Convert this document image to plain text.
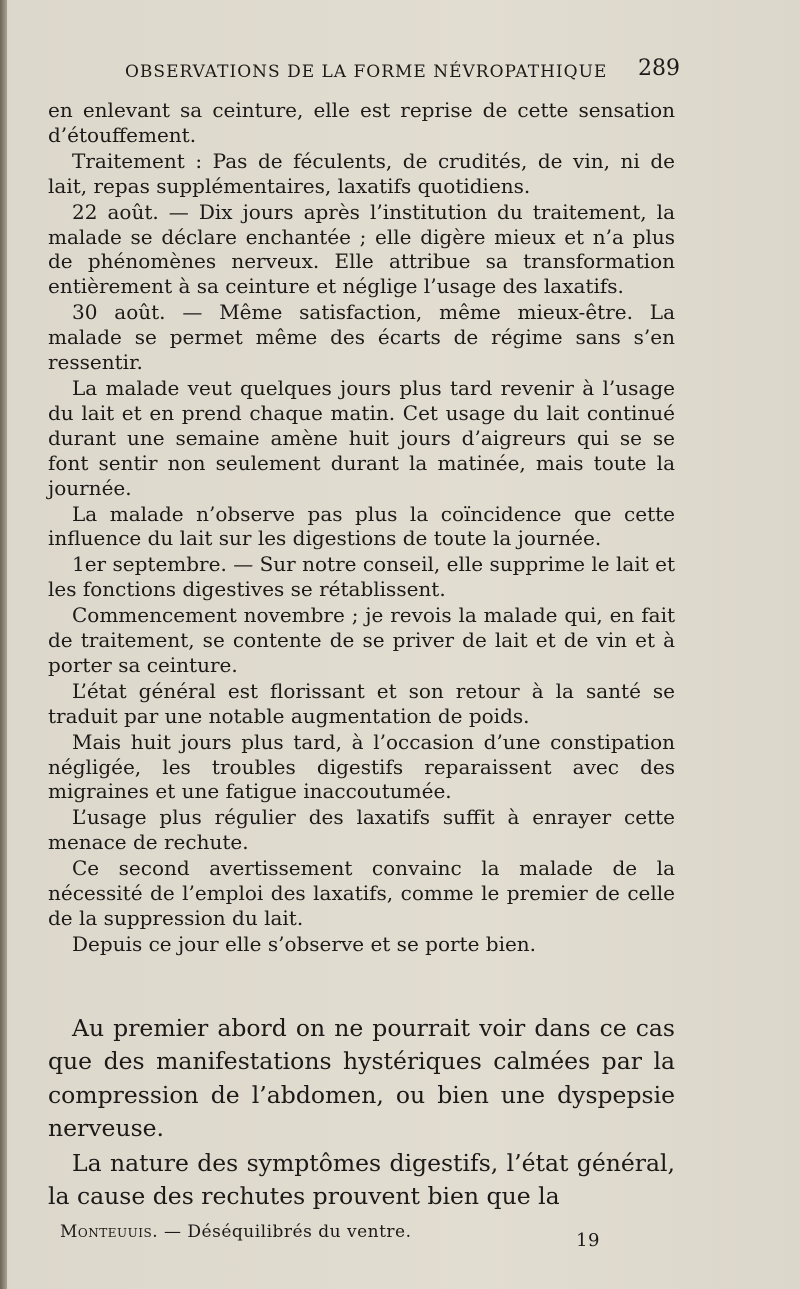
OBSERVATIONS DE LA FORME NÉVROPATHIQUE 289

en enlevant sa ceinture, elle est reprise de cette sensation d’étouffement.

Traitement : Pas de féculents, de crudités, de vin, ni de lait, repas supplémentaires, laxatifs quotidiens.

22 août. — Dix jours après l’institution du traitement, la malade se déclare enchantée ; elle digère mieux et n’a plus de phénomènes nerveux. Elle attribue sa transformation entièrement à sa ceinture et néglige l’usage des laxatifs.

30 août. — Même satisfaction, même mieux-être. La malade se permet même des écarts de régime sans s’en ressentir.

La malade veut quelques jours plus tard revenir à l’usage du lait et en prend chaque matin. Cet usage du lait continué durant une semaine amène huit jours d’aigreurs qui se se font sentir non seulement durant la matinée, mais toute la journée.

La malade n’observe pas plus la coïncidence que cette influence du lait sur les digestions de toute la journée.

1er septembre. — Sur notre conseil, elle supprime le lait et les fonctions digestives se rétablissent.

Commencement novembre ; je revois la malade qui, en fait de traitement, se contente de se priver de lait et de vin et à porter sa ceinture.

L’état général est florissant et son retour à la santé se traduit par une notable augmentation de poids.

Mais huit jours plus tard, à l’occasion d’une constipation négligée, les troubles digestifs reparaissent avec des migraines et une fatigue inaccoutumée.

L’usage plus régulier des laxatifs suffit à enrayer cette menace de rechute.

Ce second avertissement convainc la malade de la nécessité de l’emploi des laxatifs, comme le premier de celle de la suppression du lait.

Depuis ce jour elle s’observe et se porte bien.

Au premier abord on ne pourrait voir dans ce cas que des manifestations hystériques calmées par la compression de l’abdomen, ou bien une dyspepsie nerveuse.

La nature des symptômes digestifs, l’état général, la cause des rechutes prouvent bien que la

Monteuuis. — Déséquilibrés du ventre.	19
